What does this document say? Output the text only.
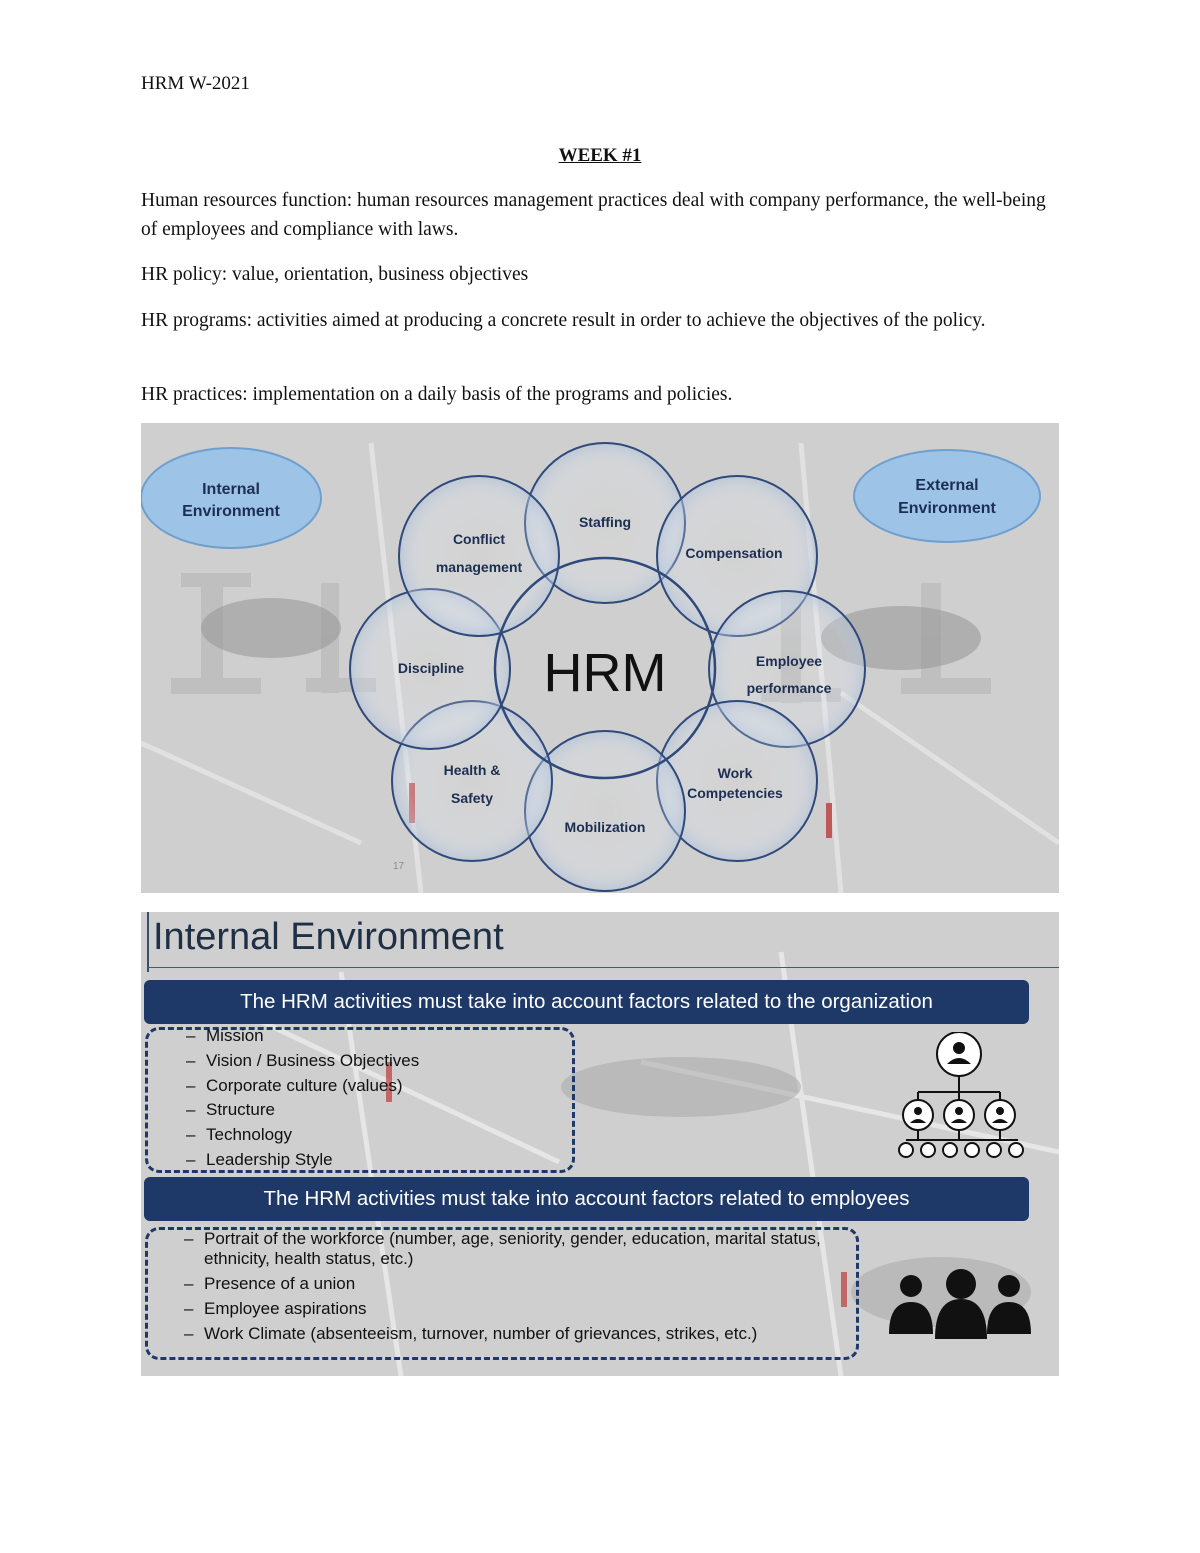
HRM W-2021
WEEK #1

Human resources function: human resources management practices deal with company performance, the well-being of employees and compliance with laws.

HR policy: value, orientation, business objectives

HR programs: activities aimed at producing a concrete result in order to achieve the objectives of the policy.

HR practices: implementation on a daily basis of the programs and policies.

Internal
Environment
External
Environment
HRM
Staffing
Compensation
Employee
performance
Work
Competencies
Mobilization
Health &
Safety
Discipline
Conflict
management
17
Internal Environment
The HRM activities must take into account factors related to the organization
– Mission
– Vision / Business Objectives
– Corporate culture (values)
– Structure
– Technology
– Leadership Style
The HRM activities must take into account factors related to employees
– Portrait of the workforce (number, age, seniority, gender, education, marital status, ethnicity, health status, etc.)
– Presence of a union
– Employee aspirations
– Work Climate (absenteeism, turnover, number of grievances, strikes, etc.)
